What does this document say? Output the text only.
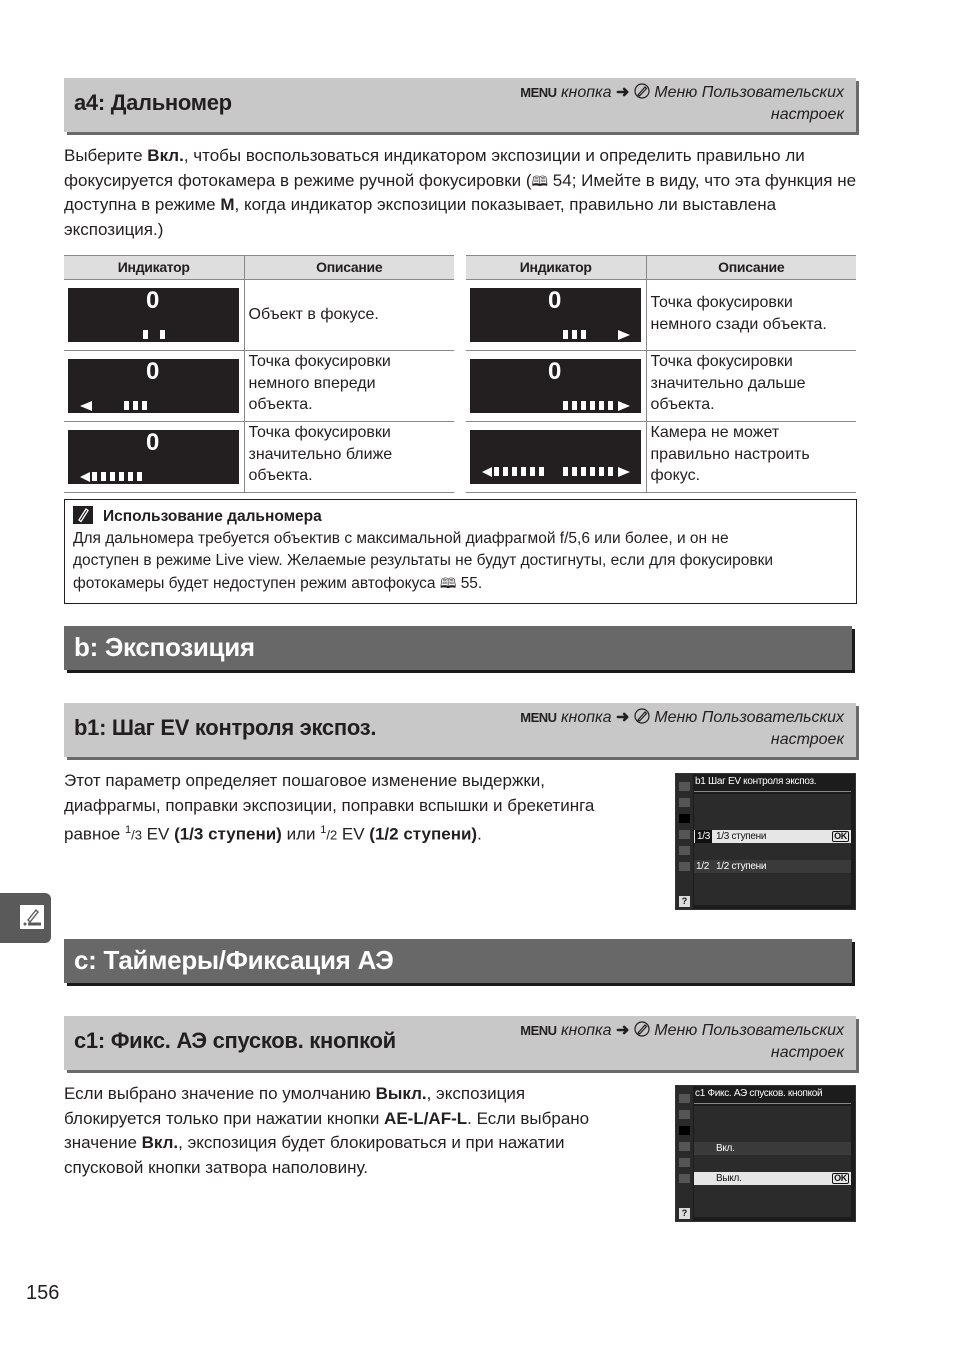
a4: Дальномер	MENU кнопка ➜ Меню Пользовательских
настроек
Выберите Вкл., чтобы воспользоваться индикатором экспозиции и определить правильно ли фокусируется фотокамера в режиме ручной фокусировки (🕮 54; Имейте в виду, что эта функция не доступна в режиме M, когда индикатор экспозиции показывает, правильно ли выставлена экспозиция.)
Индикатор	Описание

0	Объект в фокусе.

0	Точка фокусировки
немного впереди
объекта.

0	Точка фокусировки
значительно ближе
объекта.
Индикатор	Описание

0	Точка фокусировки
немного сзади объекта.

0	Точка фокусировки
значительно дальше
объекта.

Камера не может
правильно настроить
фокус.
Использование дальномера
Для дальномера требуется объектив с максимальной диафрагмой f/5,6 или более, и он не
доступен в режиме Live view. Желаемые результаты не будут достигнуты, если для фокусировки
фотокамеры будет недоступен режим автофокуса 🕮 55.
b: Экспозиция
b1: Шаг EV контроля экспоз.	MENU кнопка ➜ Меню Пользовательских
настроек
Этот параметр определяет пошаговое изменение выдержки,
диафрагмы, поправки экспозиции, поправки вспышки и брекетинга
равное $^1$/3 EV (1/3 ступени) или $^1$/2 EV (1/2 ступени).
b1 Шаг EV контроля экспоз.
1/3 1/3 ступени	OK
1/2 1/2 ступени
?
c: Таймеры/Фиксация АЭ
c1: Фикс. АЭ спусков. кнопкой	MENU кнопка ➜ Меню Пользовательских
настроек
Если выбрано значение по умолчанию Выкл., экспозиция
блокируется только при нажатии кнопки AE-L/AF-L. Если выбрано
значение Вкл., экспозиция будет блокироваться и при нажатии
спусковой кнопки затвора наполовину.
c1 Фикс. АЭ спусков. кнопкой
Вкл.
Выкл.	OK
?
156
